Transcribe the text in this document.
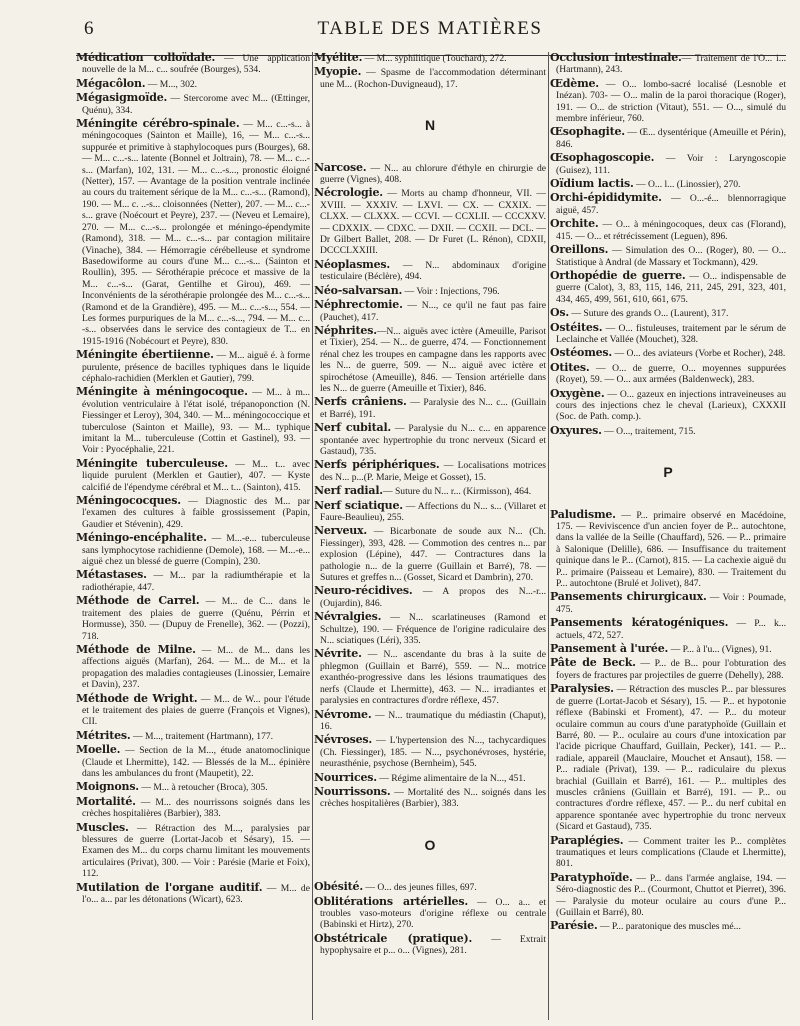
6	TABLE DES MATIÈRES
Médication colloïdale. — Une application nouvelle de la M... c... soufrée (Bourges), 534.
Mégacôlon. — M..., 302.
Mégasigmoïde. — Stercorome avec M... (Œttinger, Quénu), 334.
Méningite cérébro-spinale. — M... c...-s... à méningocoques (Sainton et Maille), 16, — M... c...-s... suppurée et primitive à staphylocoques purs (Bourges), 68. — M... c...-s... latente (Bonnel et Joltrain), 78. — M... c...-s... (Marfan), 102, 131. — M... c...-s..., pronostic éloigné (Netter), 157. — Avantage de la position ventrale inclinée au cours du traitement sérique de la M... c...-s... (Ramond), 190. — M... c. ..-s... cloisonnées (Netter), 207. — M... c...-s... grave (Noécourt et Peyre), 237. — (Neveu et Lemaire), 270. — M... c...-s... prolongée et méningo-épendymite (Ramond), 318. — M... c...-s... par contagion militaire (Vinache), 384. — Hémorragie cérébelleuse et syndrome Basedowiforme au cours d'une M... c...-s... (Sainton et Roullin), 395. — Sérothérapie précoce et massive de la M... c...-s... (Garat, Gentilhe et Girou), 469. — Inconvénients de la sérothérapie prolongée des M... c...-s... (Ramond et de la Grandière), 495. — M... c...-s..., 554. — Les formes purpuriques de la M... c...-s..., 794. — M... c... -s... observées dans le service des contagieux de T... en 1915-1916 (Nobécourt et Peyre), 830.
Méningite ébertiienne. — M... aiguë é. à forme purulente, présence de bacilles typhiques dans le liquide céphalo-rachidien (Merklen et Gautier), 799.
Méningite à méningocoque. — M... à m... évolution ventriculaire à l'état isolé, trépanoponction (N. Fiessinger et Leroy), 304, 340. — M... méningococcique et tuberculose (Sainton et Maille), 93. — M... typhique imitant la M... tuberculeuse (Cottin et Gastinel), 93. — Voir : Pyocéphalie, 221.
Méningite tuberculeuse. — M... t... avec liquide purulent (Merklen et Gautier), 407. — Kyste calcifié de l'épendyme cérébral et M... t... (Sainton), 415.
Méningococques. — Diagnostic des M... par l'examen des cultures à faible grossissement (Papin, Gaudier et Stévenin), 429.
Méningo-encéphalite. — M...-e... tuberculeuse sans lymphocytose rachidienne (Demole), 168. — M...-e... aiguë chez un blessé de guerre (Compin), 230.
Métastases. — M... par la radiumthérapie et la radiothérapie, 447.
Méthode de Carrel. — M... de C... dans le traitement des plaies de guerre (Quénu, Pérrin et Hormusse), 350. — (Dupuy de Frenelle), 362. — (Pozzi), 718.
Méthode de Milne. — M... de M... dans les affections aiguës (Marfan), 264. — M... de M... et la propagation des maladies contagieuses (Linossier, Lemaire et Davin), 237.
Méthode de Wright. — M... de W... pour l'étude et le traitement des plaies de guerre (François et Vignes), CII.
Métrites. — M..., traitement (Hartmann), 177.
Moelle. — Section de la M..., étude anatomoclinique (Claude et Lhermitte), 142. — Blessés de la M... épinière dans les ambulances du front (Maupetit), 22.
Moignons. — M... à retoucher (Broca), 305.
Mortalité. — M... des nourrissons soignés dans les crèches hospitalières (Barbier), 383.
Muscles. — Rétraction des M..., paralysies par blessures de guerre (Lortat-Jacob et Sésary), 15. — Examen des M... du corps charnu limitant les mouvements articulaires (Privat), 300. — Voir : Parésie (Marie et Foix), 112.
Mutilation de l'organe auditif. — M... de l'o... a... par les détonations (Wicart), 623.
Myélite. — M... syphilitique (Touchard), 272.
Myopie. — Spasme de l'accommodation déterminant une M... (Rochon-Duvigneaud), 17.
N
Narcose. — N... au chlorure d'éthyle en chirurgie de guerre (Vignes), 408.
Nécrologie. — Morts au champ d'honneur, VII. — XVIII. — XXXIV. — LXVI. — CX. — CXXIX. — CLXX. — CLXXX. — CCVI. — CCXLII. — CCCXXV. — CDXXIX. — CDXC. — DXII. — CCXII. — DCL. — Dr Gilbert Ballet, 208. — Dr Furet (L. Rénon), CDXII, DCCCLXXIII.
Néoplasmes. — N... abdominaux d'origine testiculaire (Béclère), 494.
Néo-salvarsan. — Voir : Injections, 796.
Néphrectomie. — N..., ce qu'il ne faut pas faire (Pauchet), 417.
Néphrites.—N... aiguës avec ictère (Ameuille, Parisot et Tixier), 254. — N... de guerre, 474. — Fonctionnement rénal chez les troupes en campagne dans les rapports avec les N... de guerre, 509. — N... aiguë avec ictère et spirochétose (Ameuille), 846. — Tension artérielle dans les N... de guerre (Ameuille et Tixier), 846.
Nerfs crâniens. — Paralysie des N... c... (Guillain et Barré), 191.
Nerf cubital. — Paralysie du N... c... en apparence spontanée avec hypertrophie du tronc nerveux (Sicard et Gastaud), 735.
Nerfs périphériques. — Localisations motrices des N... p...(P. Marie, Meige et Gosset), 15.
Nerf radial.— Suture du N... r... (Kirmisson), 464.
Nerf sciatique. — Affections du N... s... (Villaret et Faure-Beaulieu), 255.
Nerveux. — Bicarbonate de soude aux N... (Ch. Fiessinger), 393, 428. — Commotion des centres n... par explosion (Lépine), 447. — Contractures dans la pathologie n... de la guerre (Guillain et Barré), 78. — Sutures et greffes n... (Gosset, Sicard et Dambrin), 270.
Neuro-récidives. — A propos des N...-r... (Oujardin), 846.
Névralgies. — N... scarlatineuses (Ramond et Schultze), 190. — Fréquence de l'origine radiculaire des N... sciatiques (Léri), 335.
Névrite. — N... ascendante du bras à la suite de phlegmon (Guillain et Barré), 559. — N... motrice exanthéo-progressive dans les lésions traumatiques des nerfs (Claude et Lhermitte), 463. — N... irradiantes et paralysies en contractures d'ordre réflexe, 457.
Névrome. — N... traumatique du médiastin (Chaput), 16.
Névroses. — L'hypertension des N..., tachycardiques (Ch. Fiessinger), 185. — N..., psychonévroses, hystérie, neurasthénie, psychose (Bernheim), 545.
Nourrices. — Régime alimentaire de la N..., 451.
Nourrissons. — Mortalité des N... soignés dans les crèches hospitalières (Barbier), 383.
O
Obésité. — O... des jeunes filles, 697.
Oblitérations artérielles. — O... a... et troubles vaso-moteurs d'origine réflexe ou centrale (Babinski et Hirtz), 270.
Obstétricale (pratique). — Extrait hypophysaire et p... o... (Vignes), 281.
Occlusion intestinale.— Traitement de l'O... i... (Hartmann), 243.
Œdème. — O... lombo-sacré localisé (Lesnoble et Inézan). 703- — O... malin de la paroi thoracique (Roger), 191. — O... de striction (Vitaut), 551. — O..., simulé du membre inférieur, 760.
Œsophagite. — Œ... dysentérique (Ameuille et Périn), 846.
Œsophagoscopie. — Voir : Laryngoscopie (Guisez), 111.
Oïdium lactis. — O... l... (Linossier), 270.
Orchi-épididymite. — O...-é... blennorragique aiguë, 457.
Orchite. — O... à méningocoques, deux cas (Florand), 415. — O... et rétrécissement (Leguen), 896.
Oreillons. — Simulation des O... (Roger), 80. — O... Statistique à Andral (de Massary et Tockmann), 429.
Orthopédie de guerre. — O... indispensable de guerre (Calot), 3, 83, 115, 146, 211, 245, 291, 323, 401, 434, 465, 499, 561, 610, 661, 675.
Os. — Suture des grands O... (Laurent), 317.
Ostéites. — O... fistuleuses, traitement par le sérum de Leclainche et Vallée (Mouchet), 328.
Ostéomes. — O... des aviateurs (Vorbe et Rocher), 248.
Otites. — O... de guerre, O... moyennes suppurées (Royet), 59. — O... aux armées (Baldenweck), 283.
Oxygène. — O... gazeux en injections intraveineuses au cours des injections chez le cheval (Larieux), CXXXII (Soc. de Path. comp.).
Oxyures. — O..., traitement, 715.
P
Paludisme. — P... primaire observé en Macédoine, 175. — Reviviscence d'un ancien foyer de P... autochtone, dans la vallée de la Seille (Chauffard), 526. — P... primaire à Salonique (Delille), 686. — Insuffisance du traitement quinique dans le P... (Carnot), 815. — La cachexie aiguë du P... primaire (Paisseau et Lemaire), 830. — Traitement du P... autochtone (Brulé et Jolivet), 847.
Pansements chirurgicaux. — Voir : Poumade, 475.
Pansements kératogéniques. — P... k... actuels, 472, 527.
Pansement à l'urée. — P... à l'u... (Vignes), 91.
Pâte de Beck. — P... de B... pour l'obturation des foyers de fractures par projectiles de guerre (Dehelly), 288.
Paralysies. — Rétraction des muscles P... par blessures de guerre (Lortat-Jacob et Sésary), 15. — P... et hypotonie réflexe (Babinski et Froment), 47. — P... du moteur oculaire commun au cours d'une paratyphoïde (Guillain et Barré, 80. — P... oculaire au cours d'une intoxication par l'acide picrique Chauffard, Guillain, Pecker), 141. — P... radiale, appareil (Mauclaire, Mouchet et Ansaut), 158. — P... radiale (Privat), 139. — P... radiculaire du plexus brachial (Guillain et Barré), 161. — P... multiples des muscles crâniens (Guillain et Barré), 191. — P... ou contractures d'ordre réflexe, 457. — P... du nerf cubital en apparence spontanée avec hypertrophie du tronc nerveux (Sicard et Gastaud), 735.
Paraplégies. — Comment traiter les P... complètes traumatiques et leurs complications (Claude et Lhermitte), 801.
Paratyphoïde. — P... dans l'armée anglaise, 194. — Séro-diagnostic des P... (Courmont, Chuttot et Pierret), 396. — Paralysie du moteur oculaire au cours d'une P... (Guillain et Barré), 80.
Parésie. — P... paratonique des muscles mé...
